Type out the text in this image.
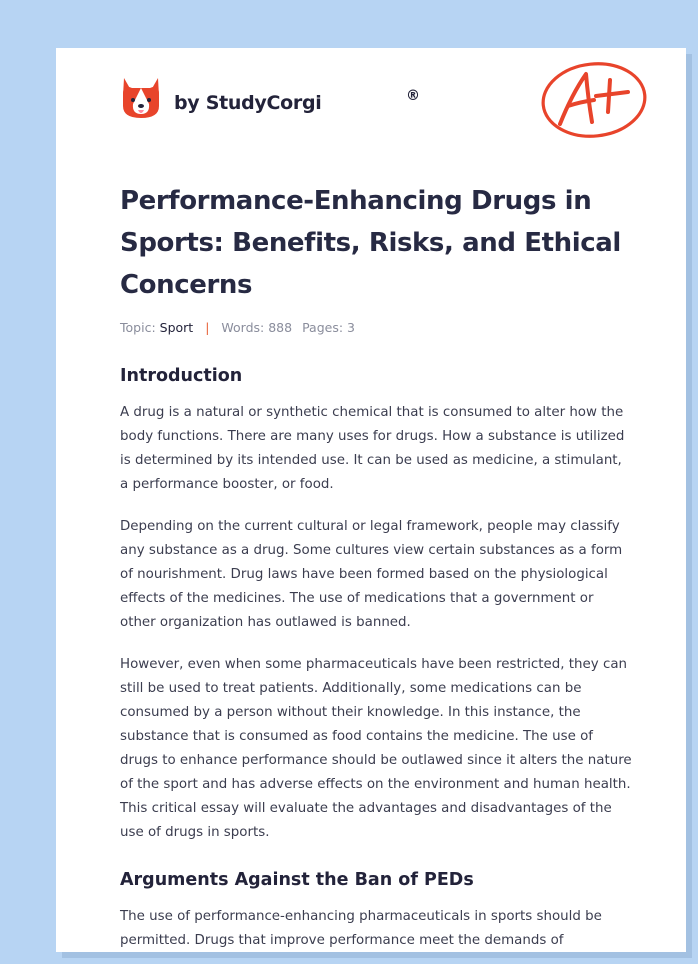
by StudyCorgi	®
Performance-Enhancing Drugs in Sports: Benefits, Risks, and Ethical Concerns
Topic: Sport | Words: 888 Pages: 3
Introduction

A drug is a natural or synthetic chemical that is consumed to alter how the body functions. There are many uses for drugs. How a substance is utilized is determined by its intended use. It can be used as medicine, a stimulant, a performance booster, or food.

Depending on the current cultural or legal framework, people may classify any substance as a drug. Some cultures view certain substances as a form of nourishment. Drug laws have been formed based on the physiological effects of the medicines. The use of medications that a government or other organization has outlawed is banned.

However, even when some pharmaceuticals have been restricted, they can still be used to treat patients. Additionally, some medications can be consumed by a person without their knowledge. In this instance, the substance that is consumed as food contains the medicine. The use of drugs to enhance performance should be outlawed since it alters the nature of the sport and has adverse effects on the environment and human health. This critical essay will evaluate the advantages and disadvantages of the use of drugs in sports.

Arguments Against the Ban of PEDs

The use of performance-enhancing pharmaceuticals in sports should be permitted. Drugs that improve performance meet the demands of
